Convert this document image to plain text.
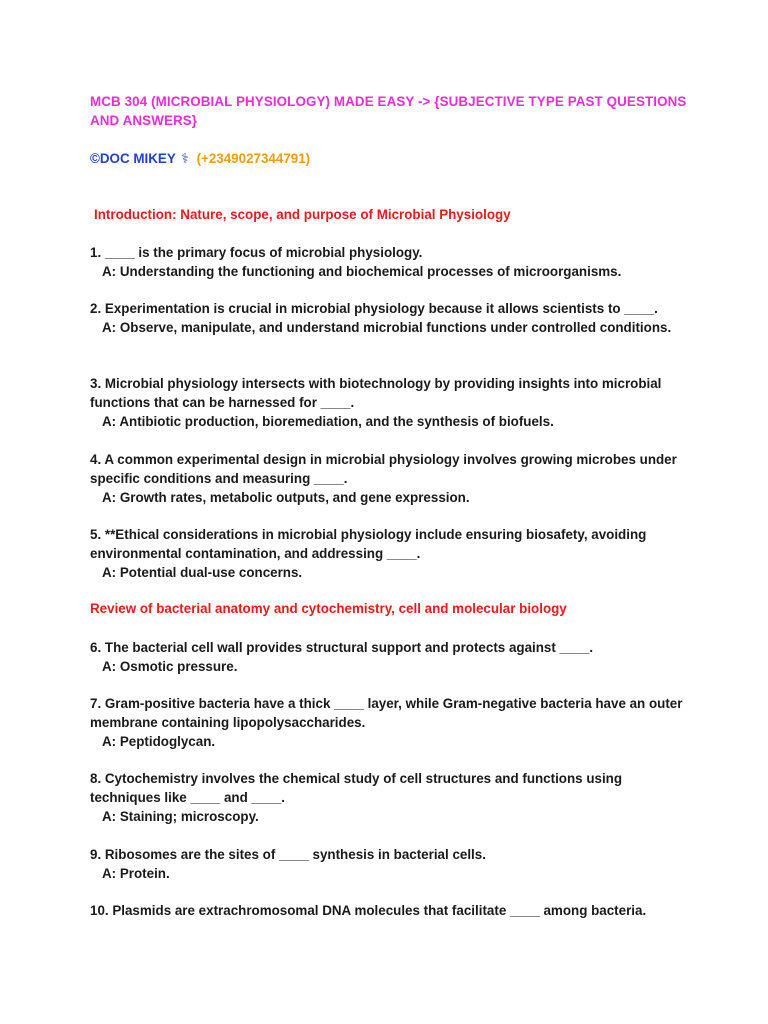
MCB 304 (MICROBIAL PHYSIOLOGY) MADE EASY -> {SUBJECTIVE TYPE PAST QUESTIONS AND ANSWERS}
©DOC MIKEY ⚕ (+2349027344791)
Introduction: Nature, scope, and purpose of Microbial Physiology
1. ____ is the primary focus of microbial physiology.
A: Understanding the functioning and biochemical processes of microorganisms.
2. Experimentation is crucial in microbial physiology because it allows scientists to ____.
A: Observe, manipulate, and understand microbial functions under controlled conditions.
3. Microbial physiology intersects with biotechnology by providing insights into microbial functions that can be harnessed for ____.
A: Antibiotic production, bioremediation, and the synthesis of biofuels.
4. A common experimental design in microbial physiology involves growing microbes under specific conditions and measuring ____.
A: Growth rates, metabolic outputs, and gene expression.
5. **Ethical considerations in microbial physiology include ensuring biosafety, avoiding environmental contamination, and addressing ____.
A: Potential dual-use concerns.
Review of bacterial anatomy and cytochemistry, cell and molecular biology
6. The bacterial cell wall provides structural support and protects against ____.
A: Osmotic pressure.
7. Gram-positive bacteria have a thick ____ layer, while Gram-negative bacteria have an outer membrane containing lipopolysaccharides.
A: Peptidoglycan.
8. Cytochemistry involves the chemical study of cell structures and functions using techniques like ____ and ____.
A: Staining; microscopy.
9. Ribosomes are the sites of ____ synthesis in bacterial cells.
A: Protein.
10. Plasmids are extrachromosomal DNA molecules that facilitate ____ among bacteria.
